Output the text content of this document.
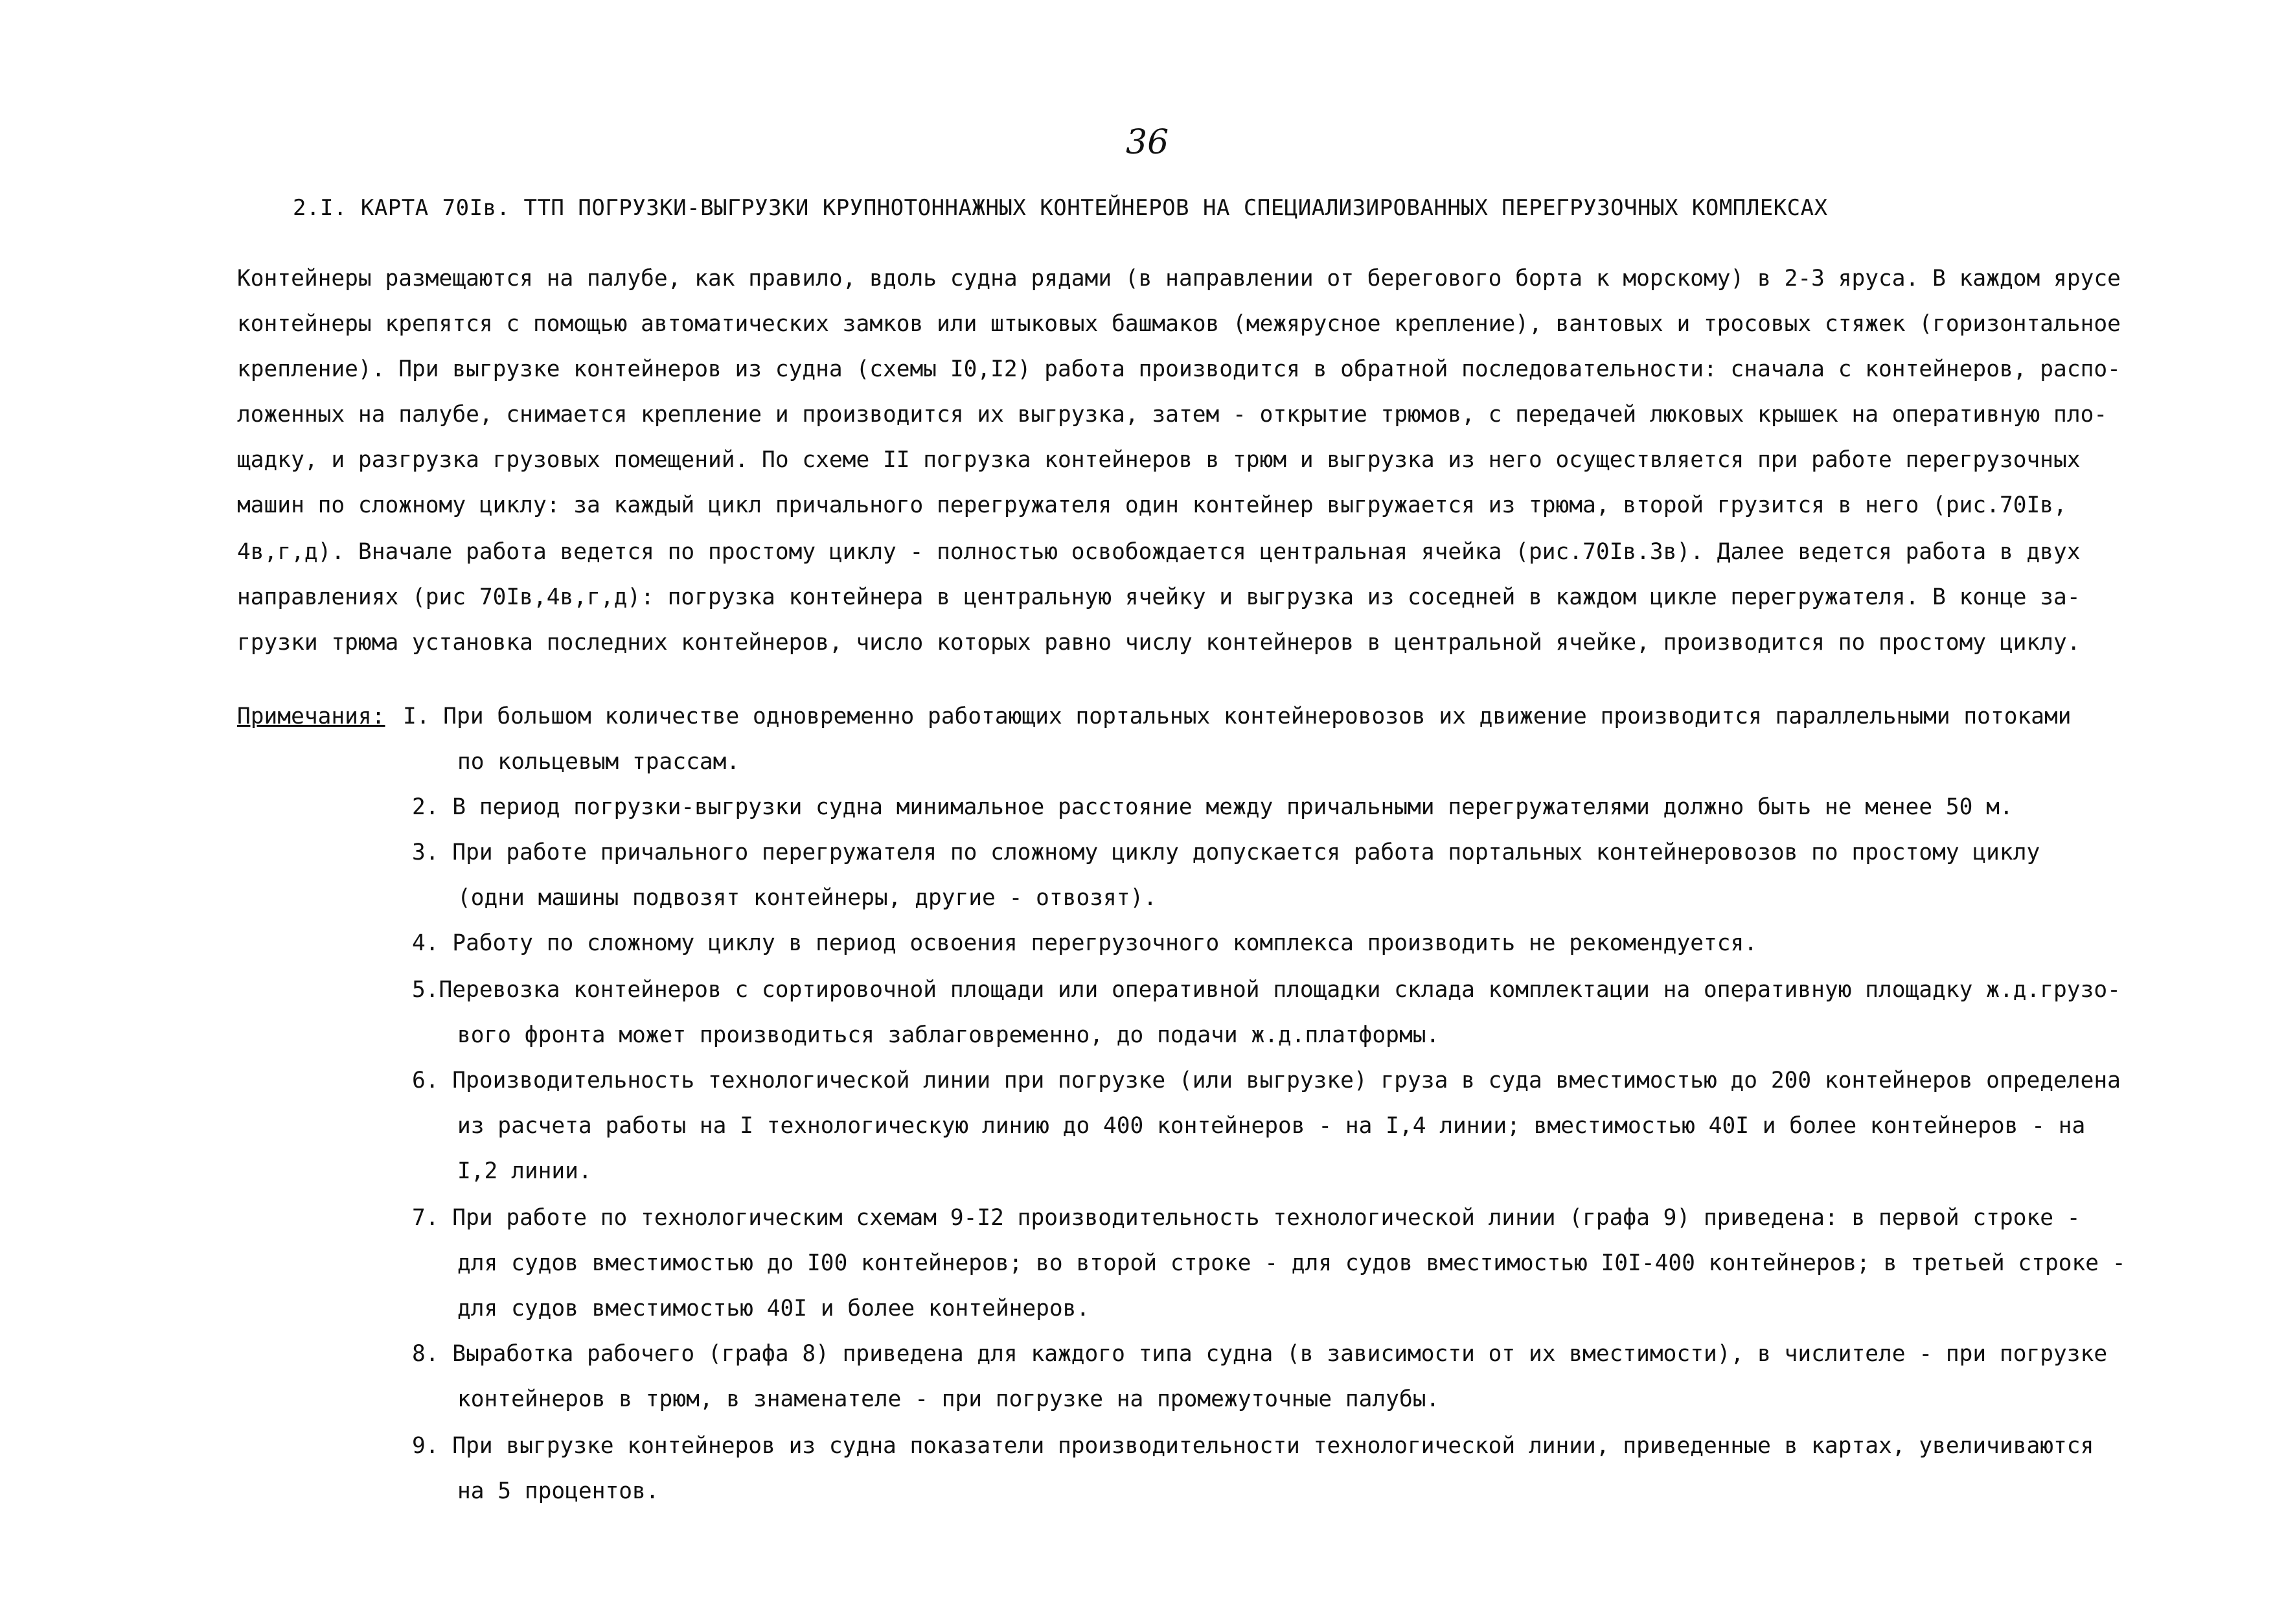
36
2.I. КАРТА 70Iв. ТТП ПОГРУЗКИ-ВЫГРУЗКИ КРУПНОТОННАЖНЫХ КОНТЕЙНЕРОВ НА СПЕЦИАЛИЗИРОВАННЫХ ПЕРЕГРУЗОЧНЫХ КОМПЛЕКСАХ
Контейнеры размещаются на палубе, как правило, вдоль судна рядами (в направлении от берегового борта к морскому) в 2-3 яруса. В каждом ярусе
контейнеры крепятся с помощью автоматических замков или штыковых башмаков (межярусное крепление), вантовых и тросовых стяжек (горизонтальное
крепление). При выгрузке контейнеров из судна (схемы I0,I2) работа производится в обратной последовательности: сначала с контейнеров, распо-
ложенных на палубе, снимается крепление и производится их выгрузка, затем - открытие трюмов, с передачей люковых крышек на оперативную пло-
щадку, и разгрузка грузовых помещений. По схеме II погрузка контейнеров в трюм и выгрузка из него осуществляется при работе перегрузочных
машин по сложному циклу: за каждый цикл причального перегружателя один контейнер выгружается из трюма, второй грузится в него (рис.70Iв,
4в,г,д). Вначале работа ведется по простому циклу - полностью освобождается центральная ячейка (рис.70Iв.3в). Далее ведется работа в двух
направлениях (рис 70Iв,4в,г,д): погрузка контейнера в центральную ячейку и выгрузка из соседней в каждом цикле перегружателя. В конце за-
грузки трюма установка последних контейнеров, число которых равно числу контейнеров в центральной ячейке, производится по простому циклу.
Примечания: I. При большом количестве одновременно работающих портальных контейнеровозов их движение производится параллельными потоками
по кольцевым трассам.
2. В период погрузки-выгрузки судна минимальное расстояние между причальными перегружателями должно быть не менее 50 м.
3. При работе причального перегружателя по сложному циклу допускается работа портальных контейнеровозов по простому циклу
(одни машины подвозят контейнеры, другие - отвозят).
4. Работу по сложному циклу в период освоения перегрузочного комплекса производить не рекомендуется.
5.Перевозка контейнеров с сортировочной площади или оперативной площадки склада комплектации на оперативную площадку ж.д.грузо-
вого фронта может производиться заблаговременно, до подачи ж.д.платформы.
6. Производительность технологической линии при погрузке (или выгрузке) груза в суда вместимостью до 200 контейнеров определена
из расчета работы на I технологическую линию до 400 контейнеров - на I,4 линии; вместимостью 40I и более контейнеров - на
I,2 линии.
7. При работе по технологическим схемам 9-I2 производительность технологической линии (графа 9) приведена: в первой строке -
для судов вместимостью до I00 контейнеров; во второй строке - для судов вместимостью I0I-400 контейнеров; в третьей строке -
для судов вместимостью 40I и более контейнеров.
8. Выработка рабочего (графа 8) приведена для каждого типа судна (в зависимости от их вместимости), в числителе - при погрузке
контейнеров в трюм, в знаменателе - при погрузке на промежуточные палубы.
9. При выгрузке контейнеров из судна показатели производительности технологической линии, приведенные в картах, увеличиваются
на 5 процентов.
